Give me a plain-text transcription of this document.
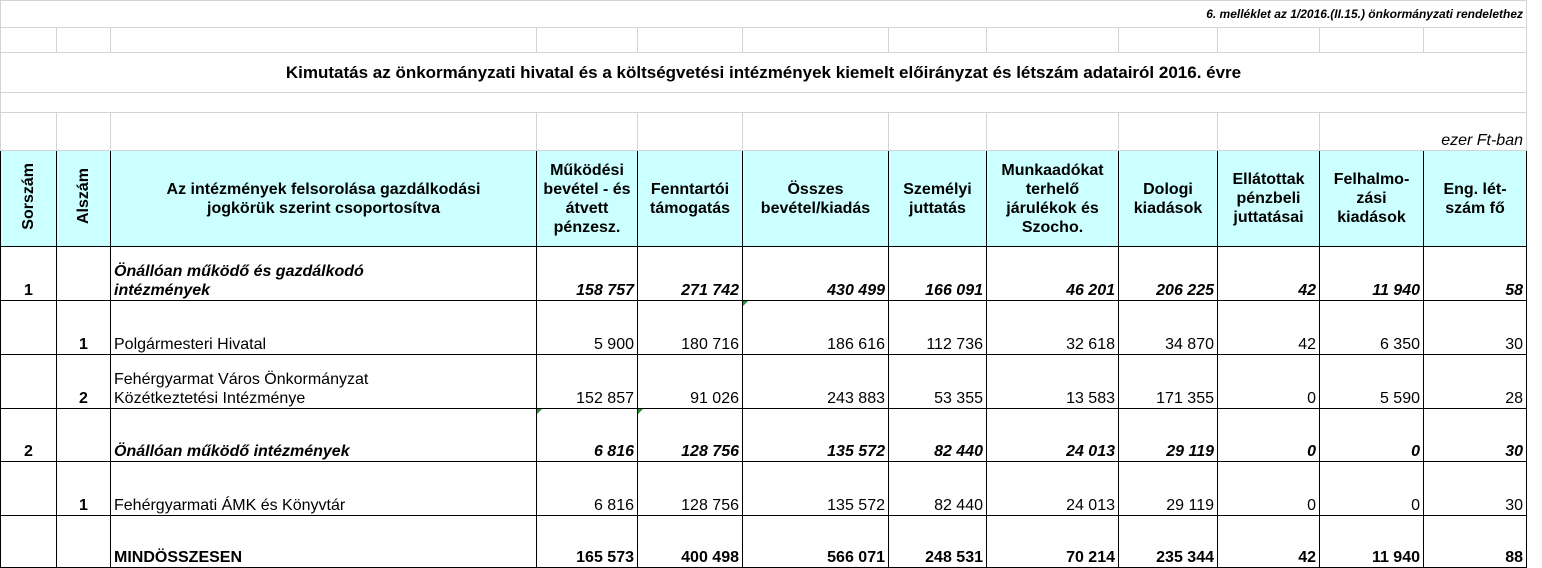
6. melléklet az 1/2016.(II.15.) önkormányzati rendelethez											

Kimutatás az önkormányzati hivatal és a költségvetési intézmények kiemelt előirányzat és létszám adatairól 2016. évre											

										ezer Ft-ban	
Sorszám	Alszám	Az intézmények felsorolása gazdálkodási jogkörük szerint csoportosítva	Működési bevétel - és átvett pénzesz.	Fenntartói támogatás	Összes bevétel/kiadás	Személyi juttatás	Munkaadókat terhelő járulékok és Szocho.	Dologi kiadások	Ellátottak pénzbeli juttatásai	Felhalmo-zási kiadások	Eng. lét-szám fő
1		Önállóan működő és gazdálkodó
intézmények	158 757	271 742	430 499	166 091	46 201	206 225	42	11 940	58
	1	Polgármesteri Hivatal	5 900	180 716	186 616	112 736	32 618	34 870	42	6 350	30
	2	Fehérgyarmat Város Önkormányzat
Közétkeztetési Intézménye	152 857	91 026	243 883	53 355	13 583	171 355	0	5 590	28
2		Önállóan működő intézmények	6 816	128 756	135 572	82 440	24 013	29 119	0	0	30
	1	Fehérgyarmati ÁMK és Könyvtár	6 816	128 756	135 572	82 440	24 013	29 119	0	0	30

		MINDÖSSZESEN	165 573	400 498	566 071	248 531	70 214	235 344	42	11 940	88
